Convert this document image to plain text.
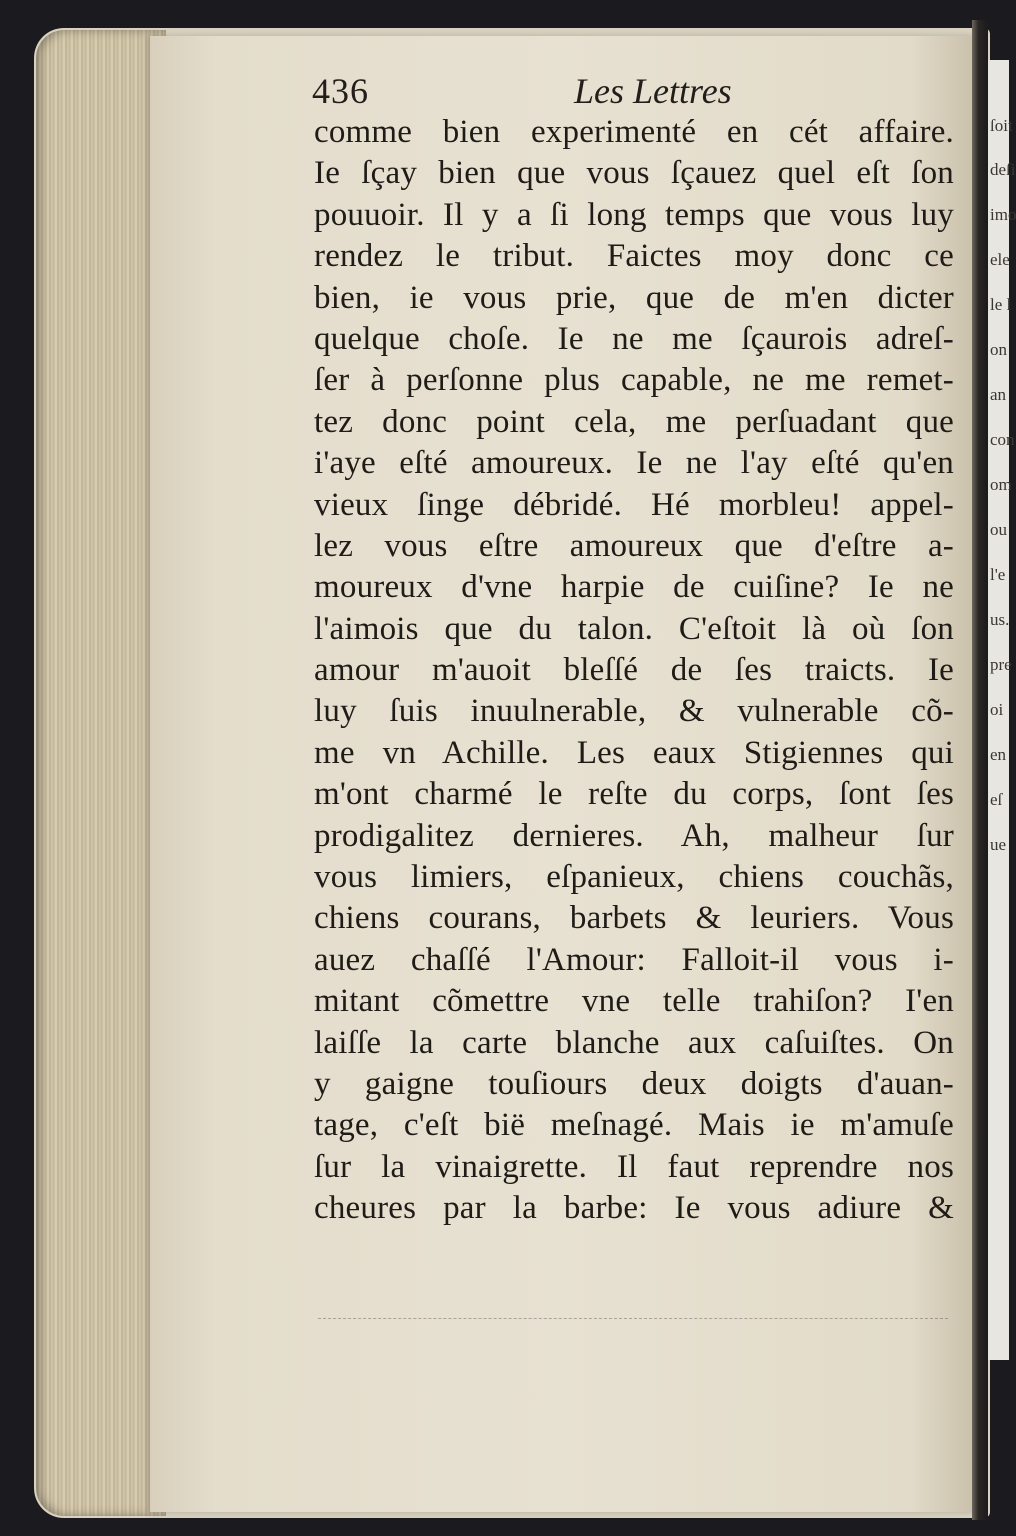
ſoit
deſi
imo
ele
le l
on
an
con
om
ou
l'e
us.
pre
oi
en
eſ
ue
436	Les Lettres
comme bien experimenté en cét affaire.
Ie ſçay bien que vous ſçauez quel eſt ſon
pouuoir. Il y a ſi long temps que vous luy
rendez le tribut. Faictes moy donc ce
bien, ie vous prie, que de m'en dicter
quelque choſe. Ie ne me ſçaurois adreſ-
ſer à perſonne plus capable, ne me remet-
tez donc point cela, me perſuadant que
i'aye eſté amoureux. Ie ne l'ay eſté qu'en
vieux ſinge débridé. Hé morbleu! appel-
lez vous eſtre amoureux que d'eſtre a-
moureux d'vne harpie de cuiſine? Ie ne
l'aimois que du talon. C'eſtoit là où ſon
amour m'auoit bleſſé de ſes traicts. Ie
luy ſuis inuulnerable, & vulnerable cõ-
me vn Achille. Les eaux Stigiennes qui
m'ont charmé le reſte du corps, ſont ſes
prodigalitez dernieres. Ah, malheur ſur
vous limiers, eſpanieux, chiens couchãs,
chiens courans, barbets & leuriers. Vous
auez chaſſé l'Amour: Falloit-il vous i-
mitant cõmettre vne telle trahiſon? I'en
laiſſe la carte blanche aux caſuiſtes. On
y gaigne touſiours deux doigts d'auan-
tage, c'eſt bië meſnagé. Mais ie m'amuſe
ſur la vinaigrette. Il faut reprendre nos
cheures par la barbe: Ie vous adiure &
